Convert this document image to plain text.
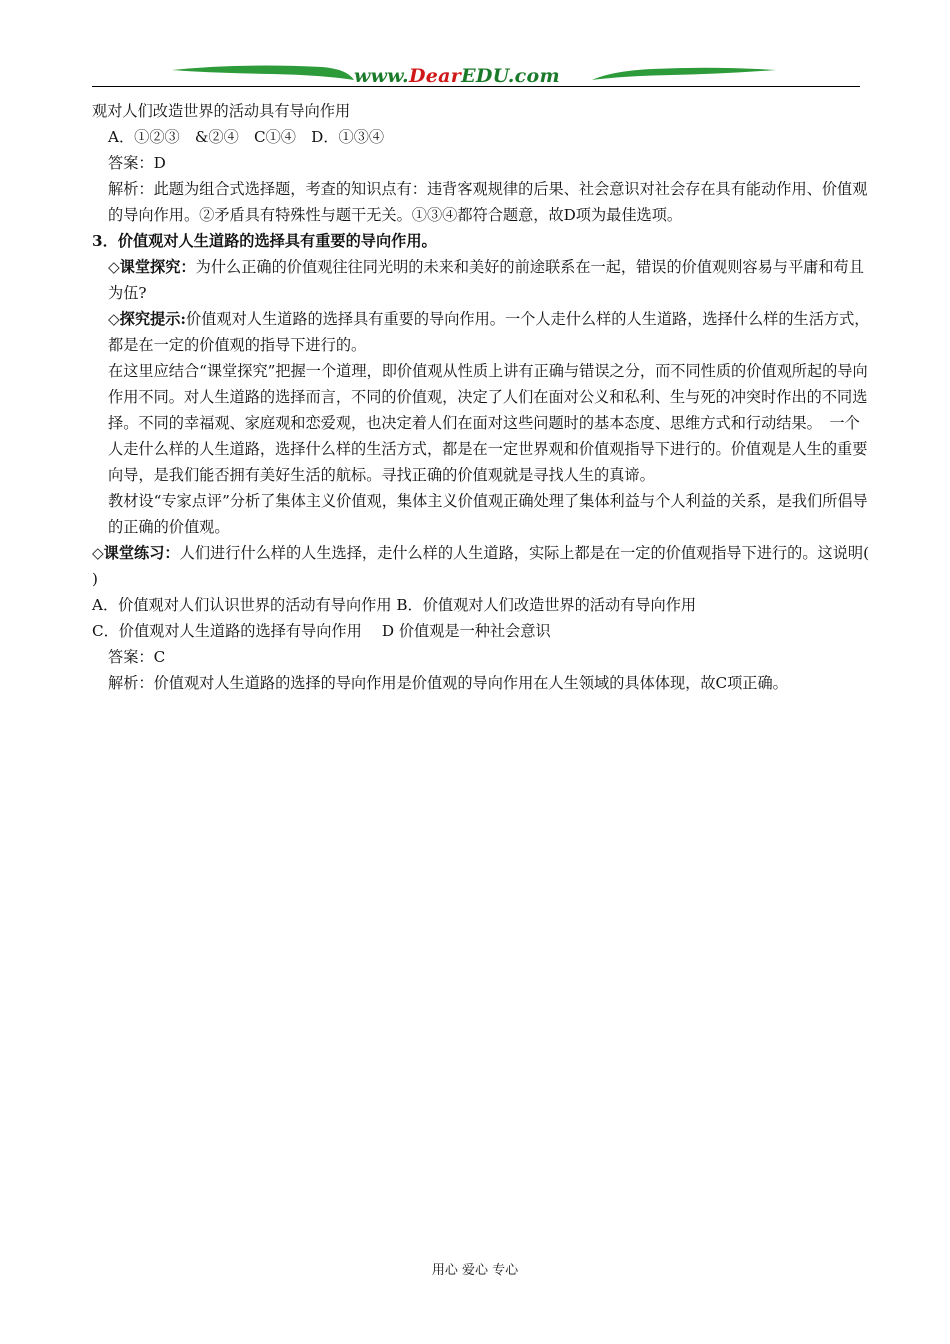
www.DearEDU.com

观对人们改造世界的活动具有导向作用

A．①②③　&②④　C①④　D．①③④

答案：D

解析：此题为组合式选择题，考查的知识点有：违背客观规律的后果、社会意识对社会存在具有能动作用、价值观的导向作用。②矛盾具有特殊性与题干无关。①③④都符合题意，故D项为最佳选项。

3．价值观对人生道路的选择具有重要的导向作用。

◇课堂探究：为什么正确的价值观往往同光明的未来和美好的前途联系在一起，错误的价值观则容易与平庸和苟且为伍?

◇探究提示:价值观对人生道路的选择具有重要的导向作用。一个人走什么样的人生道路，选择什么样的生活方式，都是在一定的价值观的指导下进行的。

在这里应结合“课堂探究”把握一个道理，即价值观从性质上讲有正确与错误之分，而不同性质的价值观所起的导向作用不同。对人生道路的选择而言，不同的价值观，决定了人们在面对公义和私利、生与死的冲突时作出的不同选择。不同的幸福观、家庭观和恋爱观，也决定着人们在面对这些问题时的基本态度、思维方式和行动结果。　一个人走什么样的人生道路，选择什么样的生活方式，都是在一定世界观和价值观指导下进行的。价值观是人生的重要向导，是我们能否拥有美好生活的航标。寻找正确的价值观就是寻找人生的真谛。

教材设“专家点评”分析了集体主义价值观，集体主义价值观正确处理了集体利益与个人利益的关系，是我们所倡导的正确的价值观。

◇课堂练习：人们进行什么样的人生选择，走什么样的人生道路，实际上都是在一定的价值观指导下进行的。这说明( )

A．价值观对人们认识世界的活动有导向作用 B．价值观对人们改造世界的活动有导向作用

C．价值观对人生道路的选择有导向作用　 D 价值观是一种社会意识

答案：C

解析：价值观对人生道路的选择的导向作用是价值观的导向作用在人生领域的具体体现，故C项正确。

用心 爱心 专心
